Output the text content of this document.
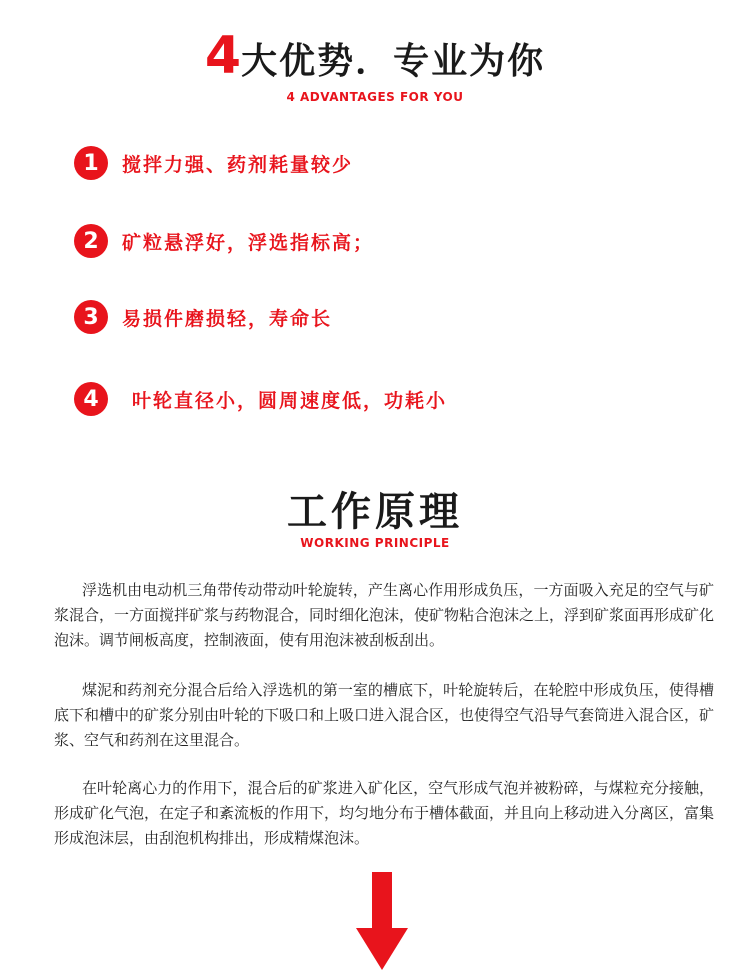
4大优势．专业为你
4 ADVANTAGES FOR YOU
1	搅拌力强、药剂耗量较少
2	矿粒悬浮好，浮选指标高；
3	易损件磨损轻，寿命长
4	叶轮直径小，圆周速度低，功耗小
工作原理
WORKING PRINCIPLE

浮选机由电动机三角带传动带动叶轮旋转，产生离心作用形成负压，一方面吸入充足的空气与矿浆混合，一方面搅拌矿浆与药物混合，同时细化泡沫，使矿物粘合泡沫之上，浮到矿浆面再形成矿化泡沫。调节闸板高度，控制液面，使有用泡沫被刮板刮出。

煤泥和药剂充分混合后给入浮选机的第一室的槽底下，叶轮旋转后，在轮腔中形成负压，使得槽底下和槽中的矿浆分别由叶轮的下吸口和上吸口进入混合区，也使得空气沿导气套筒进入混合区，矿浆、空气和药剂在这里混合。

在叶轮离心力的作用下，混合后的矿浆进入矿化区，空气形成气泡并被粉碎，与煤粒充分接触，形成矿化气泡，在定子和紊流板的作用下，均匀地分布于槽体截面，并且向上移动进入分离区，富集形成泡沫层，由刮泡机构排出，形成精煤泡沫。
